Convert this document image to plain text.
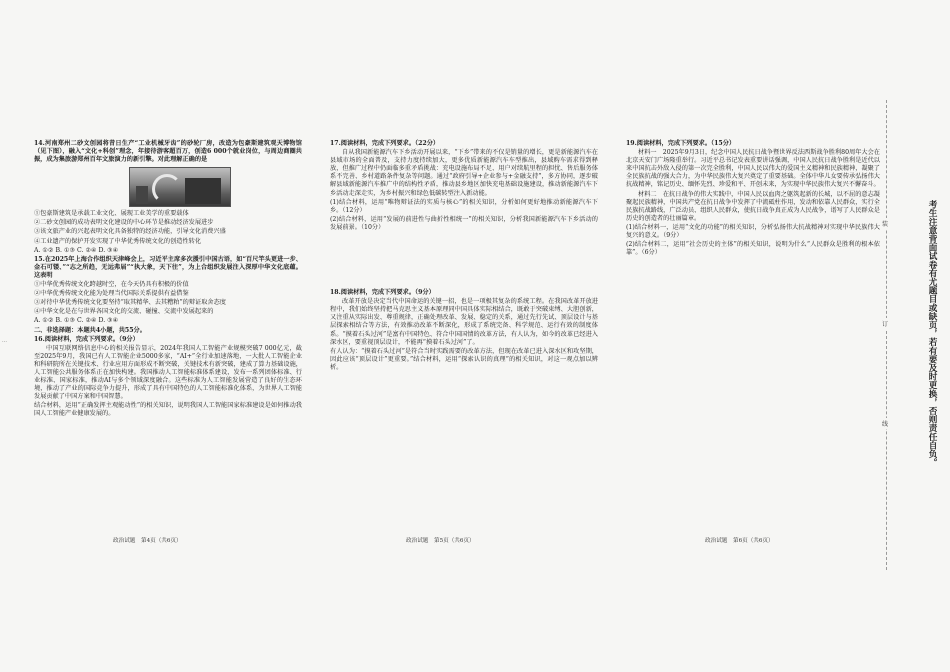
14.河南郑州二砂文创园将昔日生产“工业机械牙齿”的砂轮厂房，改造为包豪斯建筑观天博物馆（见下图），融入“文化+科创”理念，年接待游客超百万，创造6 000个就业岗位，与周边商圈共振，成为集旅游郑州百年文旅演力的新引擎。对此理解正确的是

①包豪斯建筑是承载工业文化、展现工业美学的重要载体

②二砂文创园的成功表明文化建设的中心环节是推动经济发展进步

③该文旅产业的兴起表明文化具备独特的经济功能，引导文化消费兴盛

④工业遗产的保护开发实现了中华优秀传统文化的创造性转化

A. ①② B. ①③ C. ②④ D. ③④

15.在2025年上海合作组织天津峰会上，习近平主席多次援引中国古语，如“百尺竿头更进一步、金石可镂、”“志之所趋，无远弗届”“执大象，天下往”，为上合组织发展注入深厚中华文化底蕴。这表明

①中华优秀传统文化跨越时空，在今天仍具有积极的价值

②中华优秀传统文化能为处理当代国际关系提供有益借鉴

③对待中华优秀传统文化要坚持“取其精华、去其糟粕”的辩证取舍态度

④中华文化是在与世界各国文化的交流、碰撞、交流中发展起来的

A. ①② B. ①③ C. ②④ D. ③④

二、非选择题：本题共4小题，共55分。

16.阅读材料，完成下列要求。（9分）

中国互联网络信息中心的相关报告显示，2024年我国人工智能产业规模突破7 000亿元，截至2025年9月，我国已有人工智能企业5000多家，“AI+”全行业加速落地，一大批人工智能企业和科研院所在关键技术、行业应用方面形成不断突破，关键技术有新突破，建成了算力基础设施，人工智能公共服务体系正在加快构建。我国推动人工智能标准体系建设，发布一系列团体标准、行业标准、国家标准，推动AI与多个领域深度融合。这些标准为人工智能发展营造了良好的生态环境，推动了产业的国际竞争力提升，形成了具有中国特色的人工智能标准化体系，为世界人工智能发展贡献了中国方案和中国智慧。

结合材料，运用“正确发挥主观能动性”的相关知识，说明我国人工智能国家标准建设是如何推动我国人工智能产业健康发展的。

17.阅读材料，完成下列要求。（22分）

自从我国新能源汽车下乡活动开展以来，“下乡”带来的不仅是销量的增长，更是新能源汽车在县域市场的全面普及，支持力度持续加大，更多优质新能源汽车车型推出，县域购车需求得到释放，但推广过程中仍面临多重矛盾挑战：充电设施布局不足、用户对续航里程的担忧、售后服务体系不完善、乡村道路条件复杂等问题。通过“政府引导+企业参与+金融支持”，多方协同，逐步破解县域新能源汽车推广中的结构性矛盾，推动县乡地区加快充电基础设施建设，推动新能源汽车下乡活动走深走实，为乡村振兴和绿色低碳转型注入新动能。

(1)结合材料，运用“唯物辩证法的实质与核心”的相关知识，分析如何更好地推动新能源汽车下乡。（12分）

(2)结合材料，运用“发展的前进性与曲折性相统一”的相关知识，分析我国新能源汽车下乡活动的发展前景。（10分）

18.阅读材料，完成下列要求。（9分）

改革开放是决定当代中国命运的关键一招，也是一项极其复杂的系统工程。在我国改革开放进程中，我们始终坚持把马克思主义基本原理同中国具体实际相结合，既敢于突破束缚、大胆创新，又注重从实际出发、尊重规律，正确处理改革、发展、稳定的关系，通过先行先试、顶层设计与基层探索相结合等方法，有效推动改革不断深化，形成了系统完备、科学规范、运行有效的制度体系。“摸着石头过河”是富有中国特色、符合中国国情的改革方法，有人认为，如今的改革已经进入深水区，要重视顶层设计，不能再“摸着石头过河”了。

有人认为：“摸着石头过河”是符合当时实践需要的改革方法，但现在改革已进入深水区和攻坚期，因此应该“顶层设计”更重要。”结合材料，运用“探索认识的真理”的相关知识，对这一观点加以辨析。

19.阅读材料，完成下列要求。（15分）

材料一　2025年9月3日，纪念中国人民抗日战争暨世界反法西斯战争胜利80周年大会在北京天安门广场隆重举行。习近平总书记发表重要讲话强调，中国人民抗日战争胜利是近代以来中国抗击外敌入侵的第一次完全胜利，中国人民以伟大的爱国主义精神和民族精神，凝聚了全民族抗战的强大合力，为中华民族伟大复兴奠定了重要基础。全体中华儿女要传承弘扬伟大抗战精神，铭记历史、缅怀先烈、珍爱和平、开创未来，为实现中华民族伟大复兴不懈奋斗。

材料二　在抗日战争的伟大实践中，中国人民以血肉之躯筑起新的长城，以不屈的意志凝聚起民族精神，中国共产党在抗日战争中发挥了中流砥柱作用，发动和依靠人民群众，实行全民族抗战路线，广泛动员、组织人民群众，使抗日战争真正成为人民战争，谱写了人民群众是历史的创造者的壮丽篇章。

(1)结合材料一，运用“文化的功能”的相关知识，分析弘扬伟大抗战精神对实现中华民族伟大复兴的意义。（9分）

(2)结合材料二，运用“社会历史的主体”的相关知识，说明为什么“人民群众是胜利的根本依靠”。（6分）

政治试题　第4页（共6页）	政治试题　第5页（共6页）	政治试题　第6页（共6页）
装
订
线	考生注意背面试卷有尤题目或缺页，若有要及时更换，否则责任自负。
…
